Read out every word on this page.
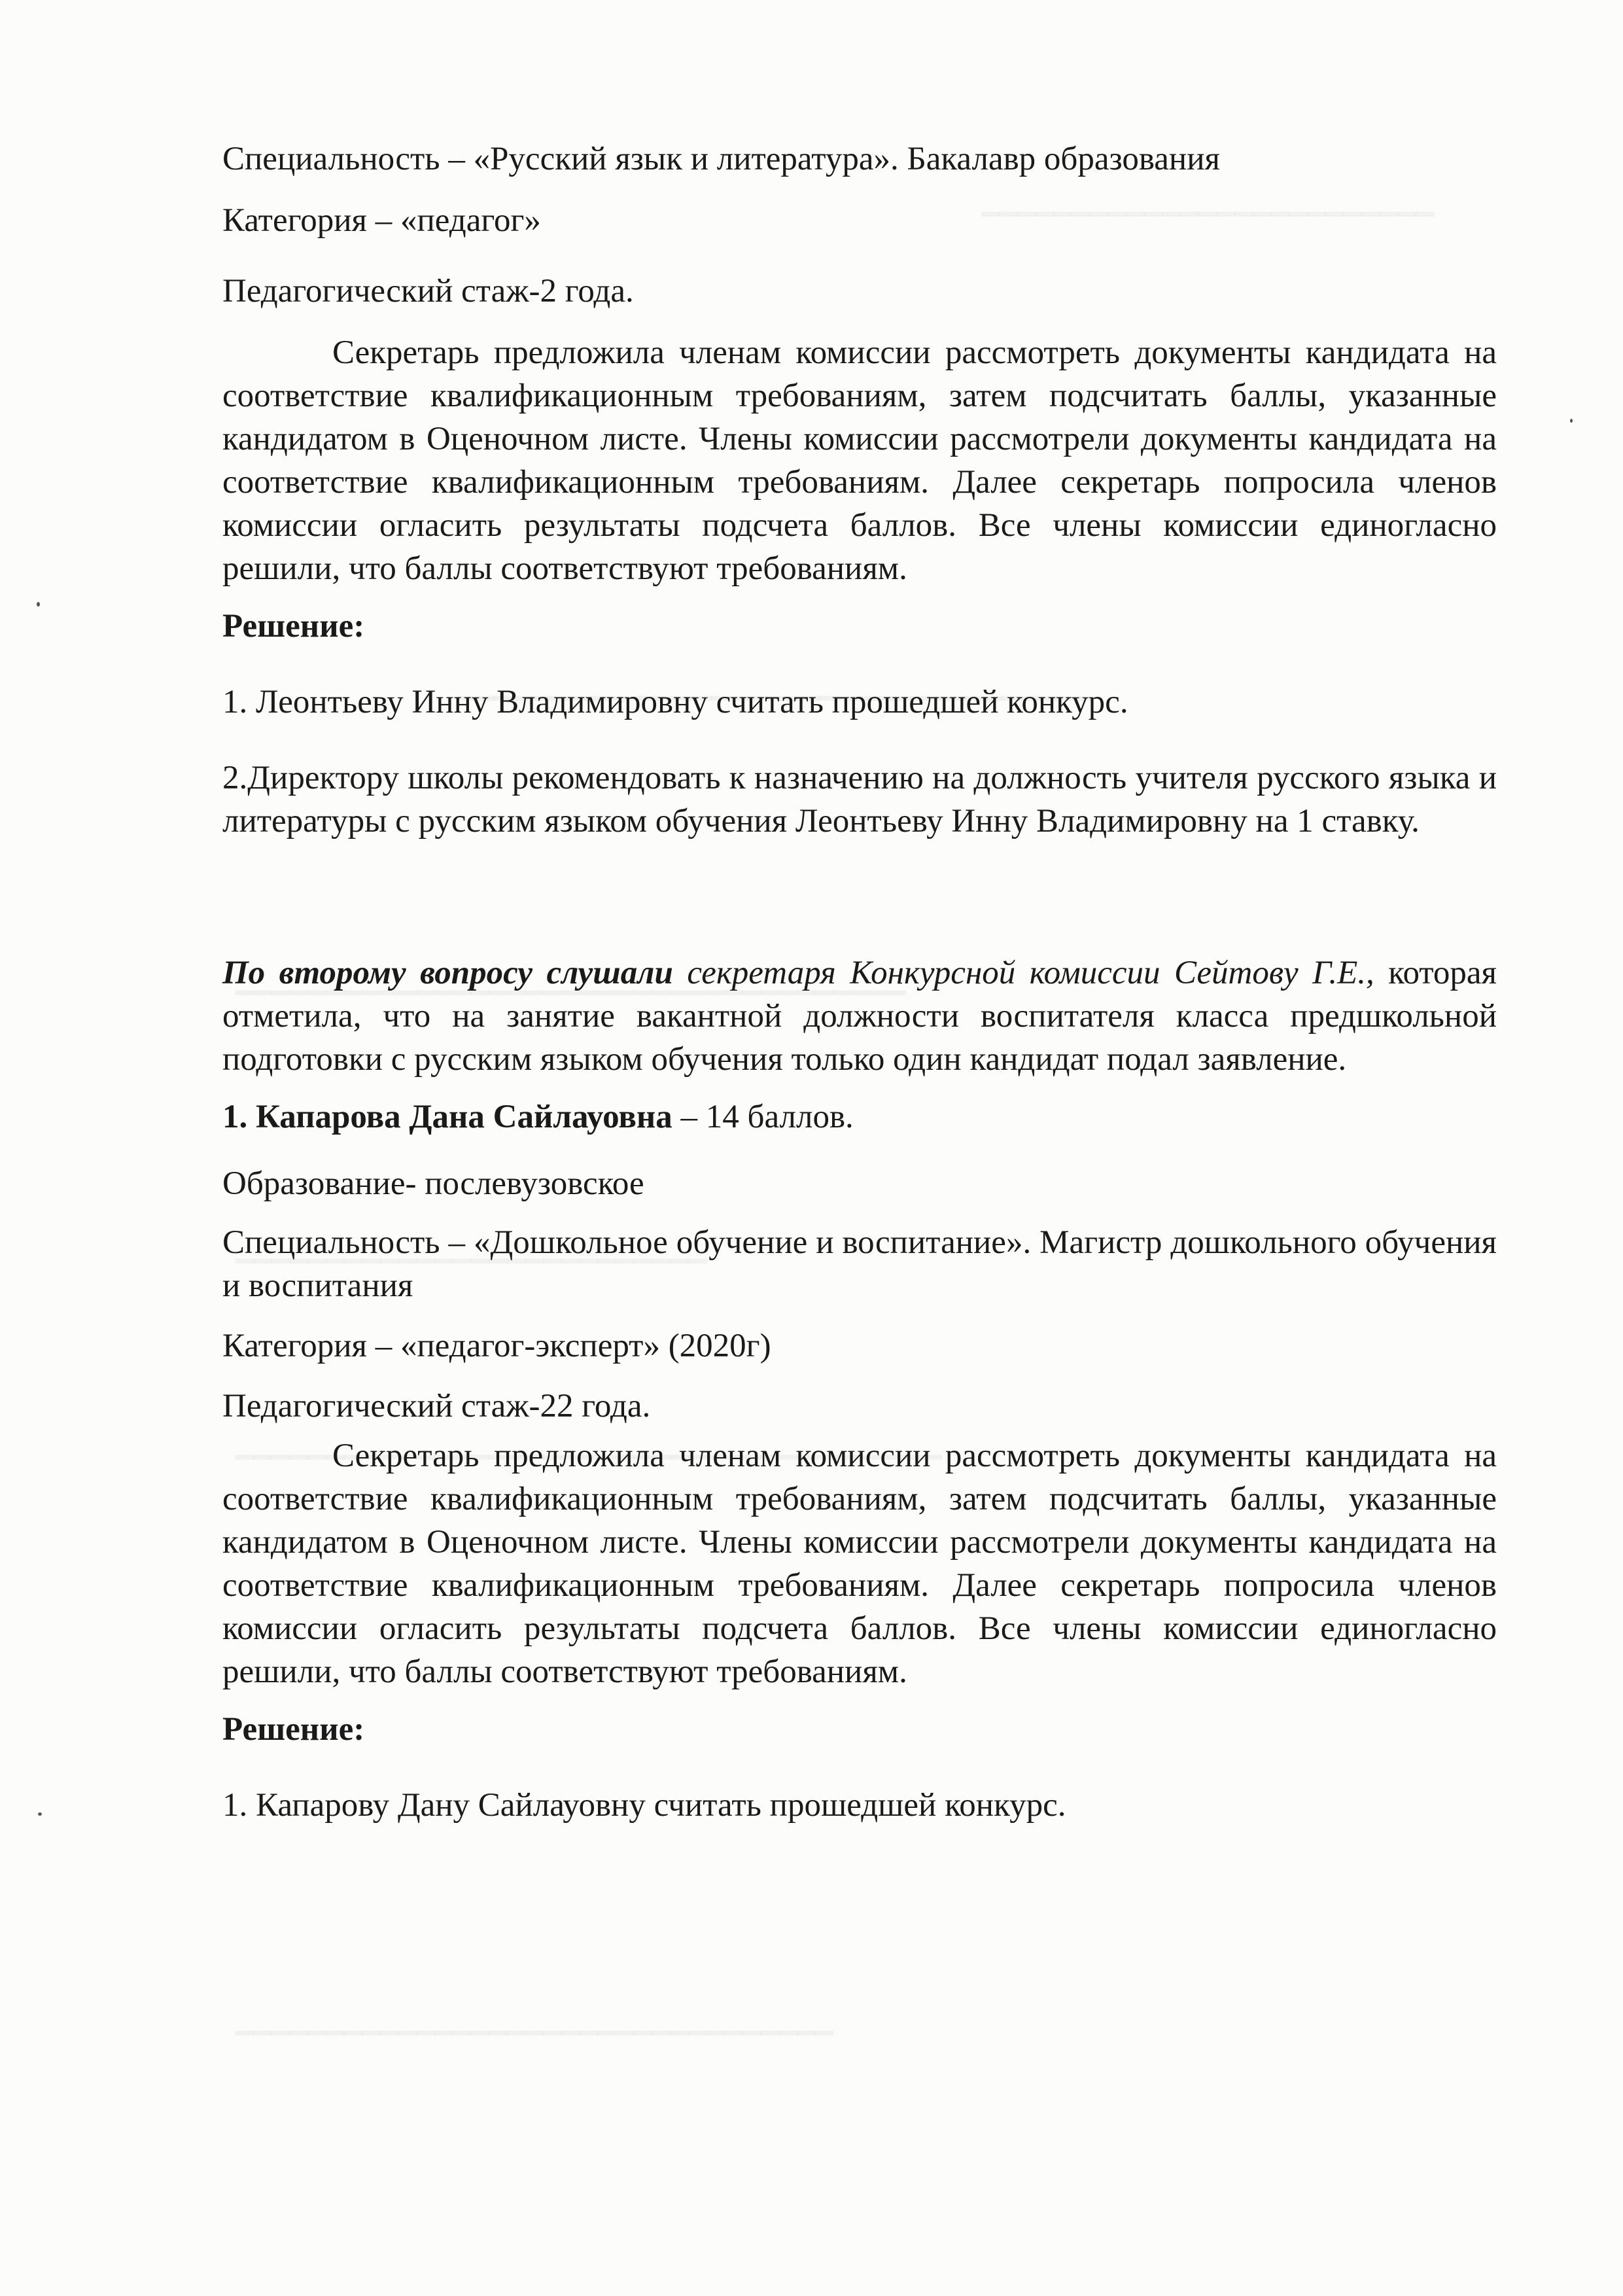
Специальность – «Русский язык и литература». Бакалавр образования

Категория – «педагог»

Педагогический стаж-2 года.

Секретарь предложила членам комиссии рассмотреть документы кандидата на соответствие квалификационным требованиям, затем подсчитать баллы, указанные кандидатом в Оценочном листе. Члены комиссии рассмотрели документы кандидата на соответствие квалификационным требованиям. Далее секретарь попросила членов комиссии огласить результаты подсчета баллов. Все члены комиссии единогласно решили, что баллы соответствуют требованиям.

Решение:

1. Леонтьеву Инну Владимировну считать прошедшей конкурс.

2.Директору школы рекомендовать к назначению на должность учителя русского языка и литературы с русским языком обучения Леонтьеву Инну Владимировну на 1 ставку.

По второму вопросу слушали секретаря Конкурсной комиссии Сейтову Г.Е., которая отметила, что на занятие вакантной должности воспитателя класса предшкольной подготовки с русским языком обучения только один кандидат подал заявление.

1. Капарова Дана Сайлауовна – 14 баллов.

Образование- послевузовское

Специальность – «Дошкольное обучение и воспитание». Магистр дошкольного обучения и воспитания

Категория – «педагог-эксперт» (2020г)

Педагогический стаж-22 года.

Секретарь предложила членам комиссии рассмотреть документы кандидата на соответствие квалификационным требованиям, затем подсчитать баллы, указанные кандидатом в Оценочном листе. Члены комиссии рассмотрели документы кандидата на соответствие квалификационным требованиям. Далее секретарь попросила членов комиссии огласить результаты подсчета баллов. Все члены комиссии единогласно решили, что баллы соответствуют требованиям.

Решение:

1. Капарову Дану Сайлауовну считать прошедшей конкурс.
